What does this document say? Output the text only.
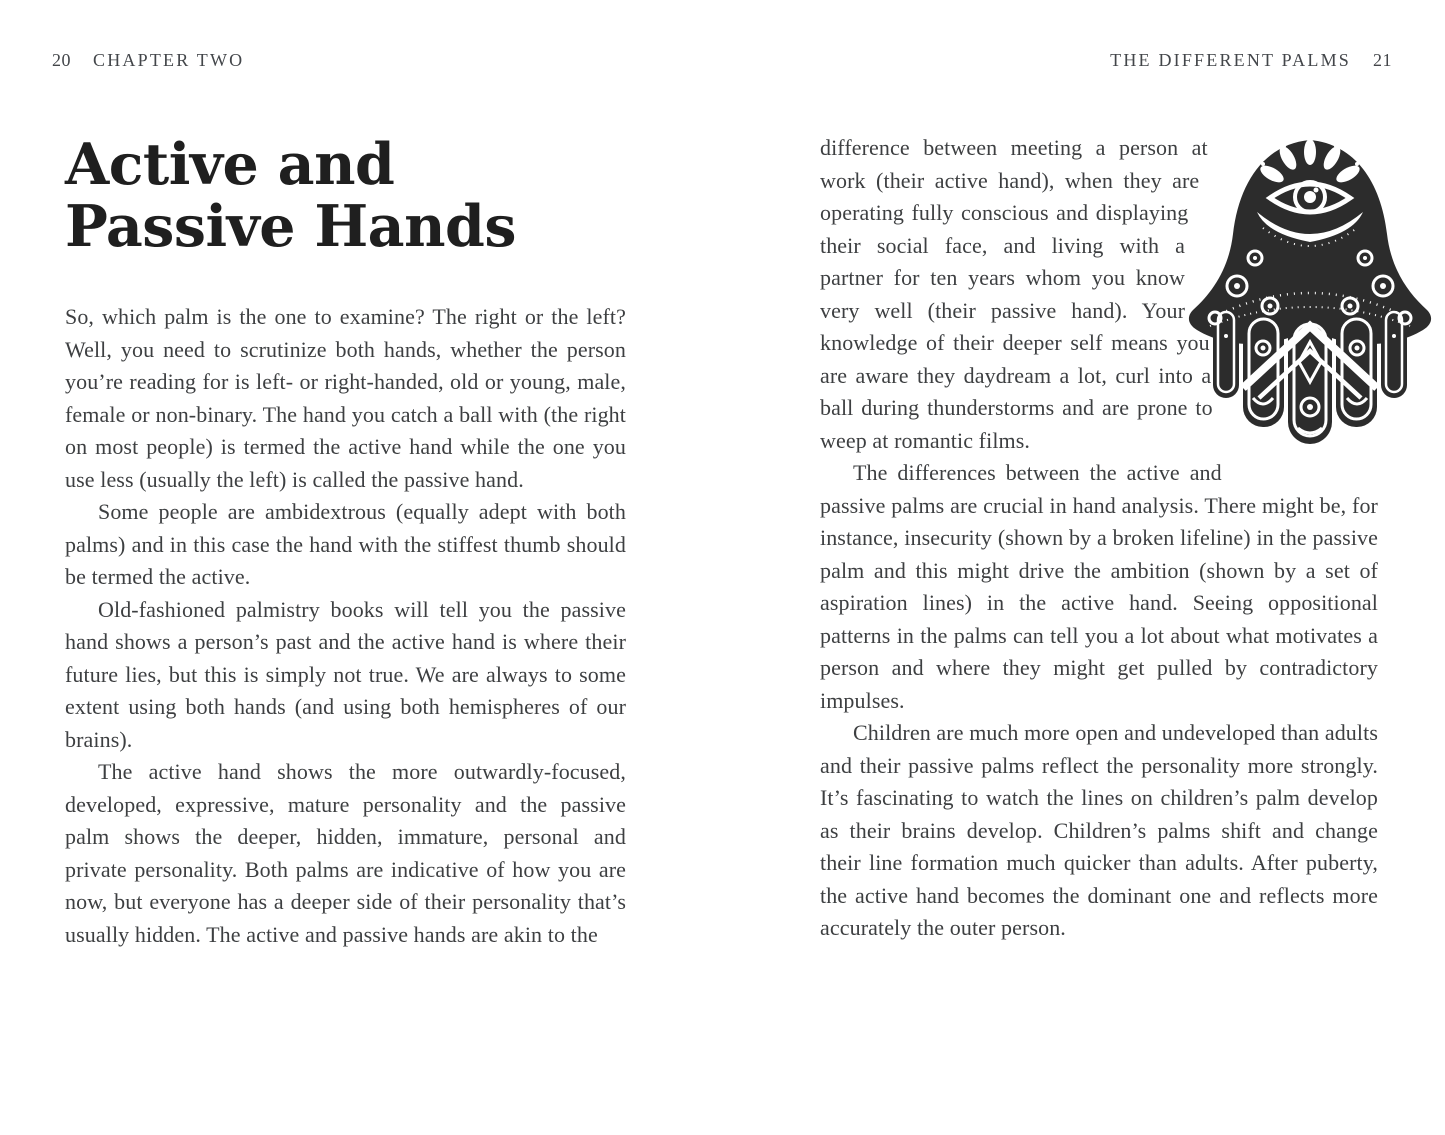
20 CHAPTER TWO	THE DIFFERENT PALMS 21
Active and
Passive Hands

So, which palm is the one to examine? The right or the left? Well, you need to scrutinize both hands, whether the person you’re reading for is left- or right-handed, old or young, male, female or non-binary. The hand you catch a ball with (the right on most people) is termed the active hand while the one you use less (usually the left) is called the passive hand.

Some people are ambidextrous (equally adept with both palms) and in this case the hand with the stiffest thumb should be termed the active.

Old-fashioned palmistry books will tell you the passive hand shows a person’s past and the active hand is where their future lies, but this is simply not true. We are always to some extent using both hands (and using both hemispheres of our brains).

The active hand shows the more outwardly-focused, developed, expressive, mature personality and the passive palm shows the deeper, hidden, immature, personal and private personality. Both palms are indicative of how you are now, but everyone has a deeper side of their personality that’s usually hidden. The active and passive hands are akin to the

difference between meeting a person at work (their active hand), when they are operating fully conscious and displaying their social face, and living with a partner for ten years whom you know very well (their passive hand). Your knowledge of their deeper self means you are aware they daydream a lot, curl into a ball during thunderstorms and are prone to weep at romantic films.

The differences between the active and passive palms are crucial in hand analysis. There might be, for instance, insecurity (shown by a broken lifeline) in the passive palm and this might drive the ambition (shown by a set of aspiration lines) in the active hand. Seeing oppositional patterns in the palms can tell you a lot about what motivates a person and where they might get pulled by contradictory impulses.

Children are much more open and undeveloped than adults and their passive palms reflect the personality more strongly. It’s fascinating to watch the lines on children’s palm develop as their brains develop. Children’s palms shift and change their line formation much quicker than adults. After puberty, the active hand becomes the dominant one and reflects more accurately the outer person.
